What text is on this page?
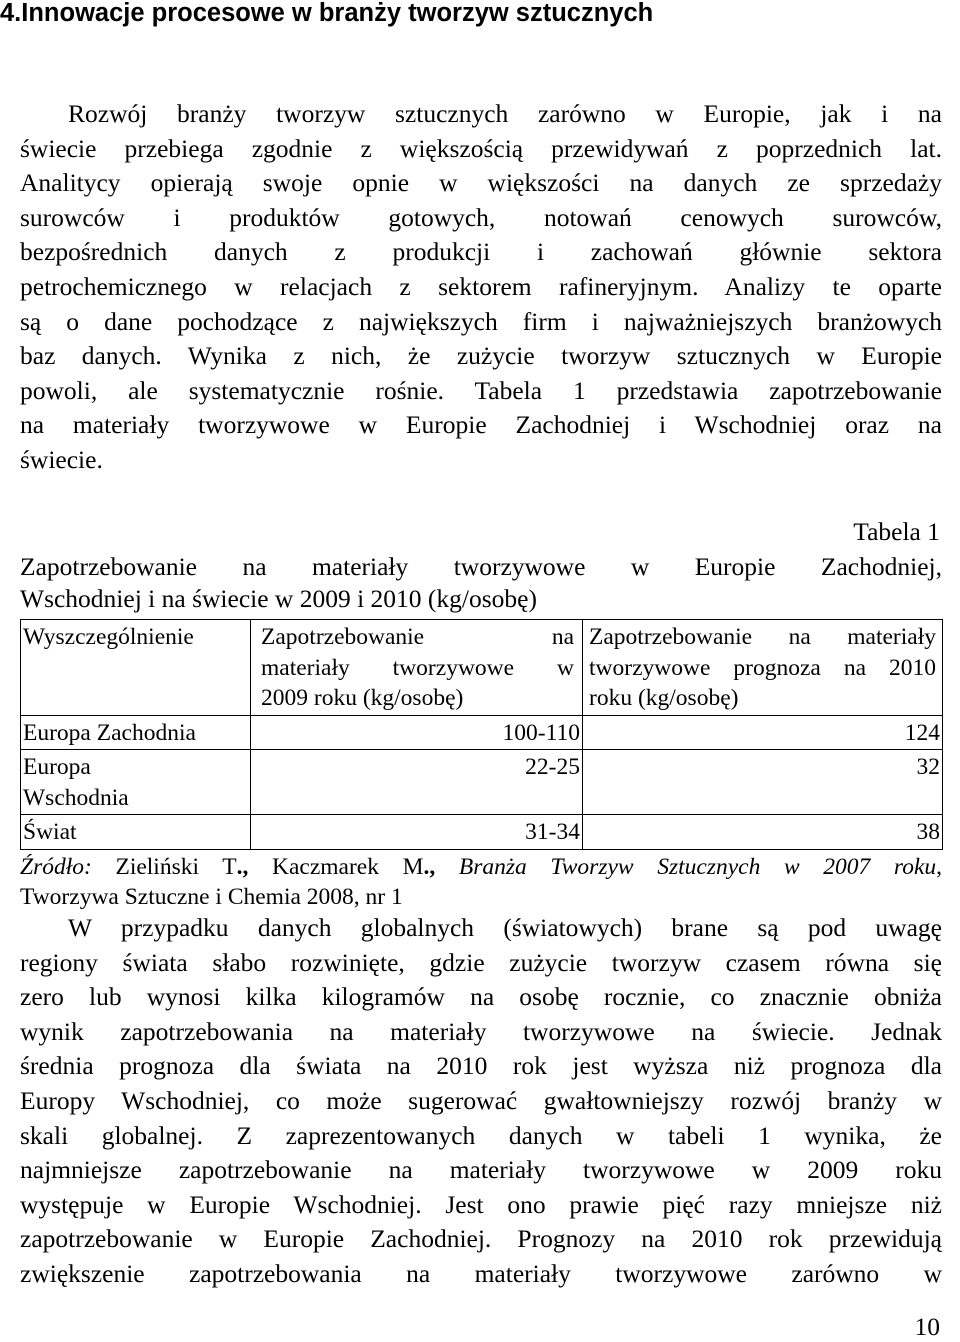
4.Innowacje procesowe w branży tworzyw sztucznych
Rozwój branży tworzyw sztucznych zarówno w Europie, jak i na
świecie przebiega zgodnie z większością przewidywań z poprzednich lat.
Analitycy opierają swoje opnie w większości na danych ze sprzedaży
surowców i produktów gotowych, notowań cenowych surowców,
bezpośrednich danych z produkcji i zachowań głównie sektora
petrochemicznego w relacjach z sektorem rafineryjnym. Analizy te oparte
są o dane pochodzące z największych firm i najważniejszych branżowych
baz danych. Wynika z nich, że zużycie tworzyw sztucznych w Europie
powoli, ale systematycznie rośnie. Tabela 1 przedstawia zapotrzebowanie
na materiały tworzywowe w Europie Zachodniej i Wschodniej oraz na
świecie.
Tabela 1
Zapotrzebowanie na materiały tworzywowe w Europie Zachodniej,
Wschodniej i na świecie w 2009 i 2010 (kg/osobę)
Wyszczególnienie	Zapotrzebowanie na
materiały tworzywowe w
2009 roku (kg/osobę)	Zapotrzebowanie na materiały
tworzywowe prognoza na 2010
roku (kg/osobę)

Europa Zachodnia	100-110	124
Europa Wschodnia	22-25	32
Świat	31-34	38
Źródło: Zieliński T., Kaczmarek M., Branża Tworzyw Sztucznych w 2007 roku,
Tworzywa Sztuczne i Chemia 2008, nr 1
W przypadku danych globalnych (światowych) brane są pod uwagę
regiony świata słabo rozwinięte, gdzie zużycie tworzyw czasem równa się
zero lub wynosi kilka kilogramów na osobę rocznie, co znacznie obniża
wynik zapotrzebowania na materiały tworzywowe na świecie. Jednak
średnia prognoza dla świata na 2010 rok jest wyższa niż prognoza dla
Europy Wschodniej, co może sugerować gwałtowniejszy rozwój branży w
skali globalnej. Z zaprezentowanych danych w tabeli 1 wynika, że
najmniejsze zapotrzebowanie na materiały tworzywowe w 2009 roku
występuje w Europie Wschodniej. Jest ono prawie pięć razy mniejsze niż
zapotrzebowanie w Europie Zachodniej. Prognozy na 2010 rok przewidują
zwiększenie zapotrzebowania na materiały tworzywowe zarówno w
10
